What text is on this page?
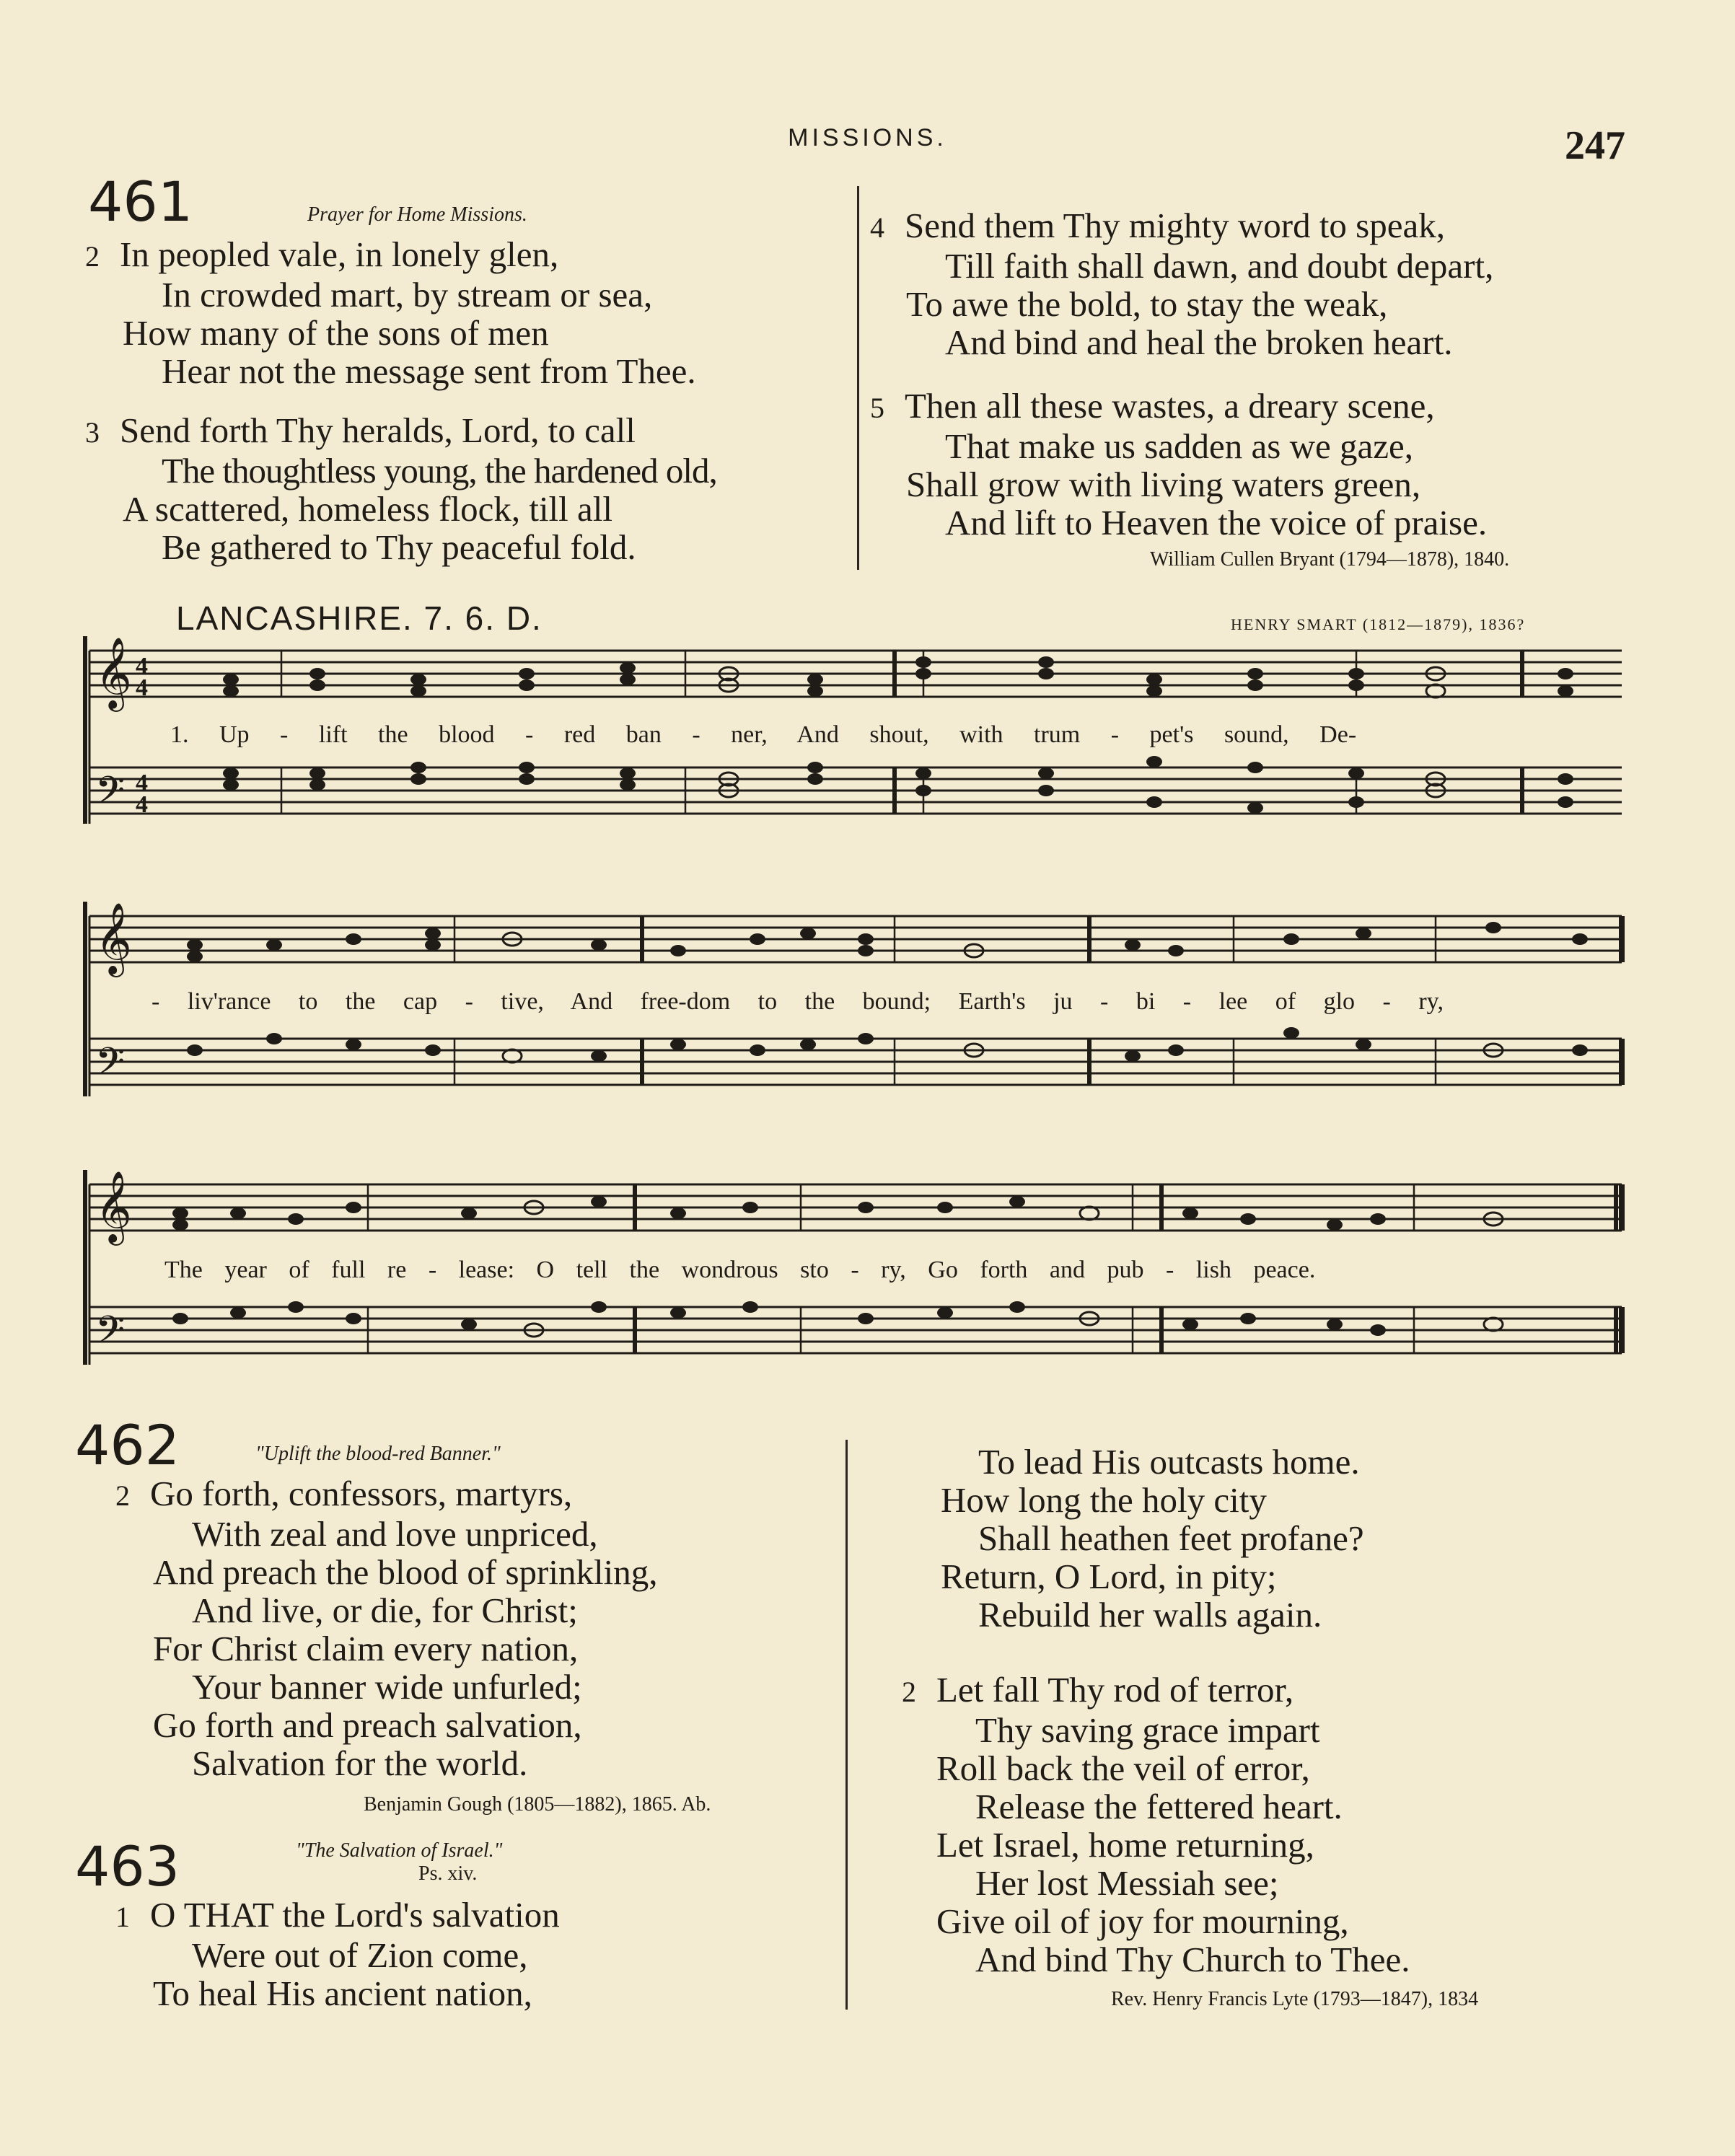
MISSIONS.	247
461	Prayer for Home Missions.
2 In peopled vale, in lonely glen,
In crowded mart, by stream or sea,
How many of the sons of men
Hear not the message sent from Thee.
3 Send forth Thy heralds, Lord, to call
The thoughtless young, the hardened old,
A scattered, homeless flock, till all
Be gathered to Thy peaceful fold.
4 Send them Thy mighty word to speak,
Till faith shall dawn, and doubt depart,
To awe the bold, to stay the weak,
And bind and heal the broken heart.
5 Then all these wastes, a dreary scene,
That make us sadden as we gaze,
Shall grow with living waters green,
And lift to Heaven the voice of praise.
William Cullen Bryant (1794—1878), 1840.
LANCASHIRE. 7. 6. D.	HENRY SMART (1812—1879), 1836?
𝄞
𝄢
4
4
4
4
1. Up - lift the blood - red ban - ner, And shout, with trum - pet's sound, De-
𝄞
𝄢
- liv'rance to the cap - tive, And free-dom to the bound; Earth's ju - bi - lee of glo - ry,
𝄞
𝄢
The year of full re - lease: O tell the wondrous sto - ry, Go forth and pub - lish peace.
462	"Uplift the blood-red Banner."
2 Go forth, confessors, martyrs,
With zeal and love unpriced,
And preach the blood of sprinkling,
And live, or die, for Christ;
For Christ claim every nation,
Your banner wide unfurled;
Go forth and preach salvation,
Salvation for the world.
Benjamin Gough (1805—1882), 1865. Ab.
463	"The Salvation of Israel."
Ps. xiv.
1 O THAT the Lord's salvation
Were out of Zion come,
To heal His ancient nation,
To lead His outcasts home.
How long the holy city
Shall heathen feet profane?
Return, O Lord, in pity;
Rebuild her walls again.
2 Let fall Thy rod of terror,
Thy saving grace impart
Roll back the veil of error,
Release the fettered heart.
Let Israel, home returning,
Her lost Messiah see;
Give oil of joy for mourning,
And bind Thy Church to Thee.
Rev. Henry Francis Lyte (1793—1847), 1834
